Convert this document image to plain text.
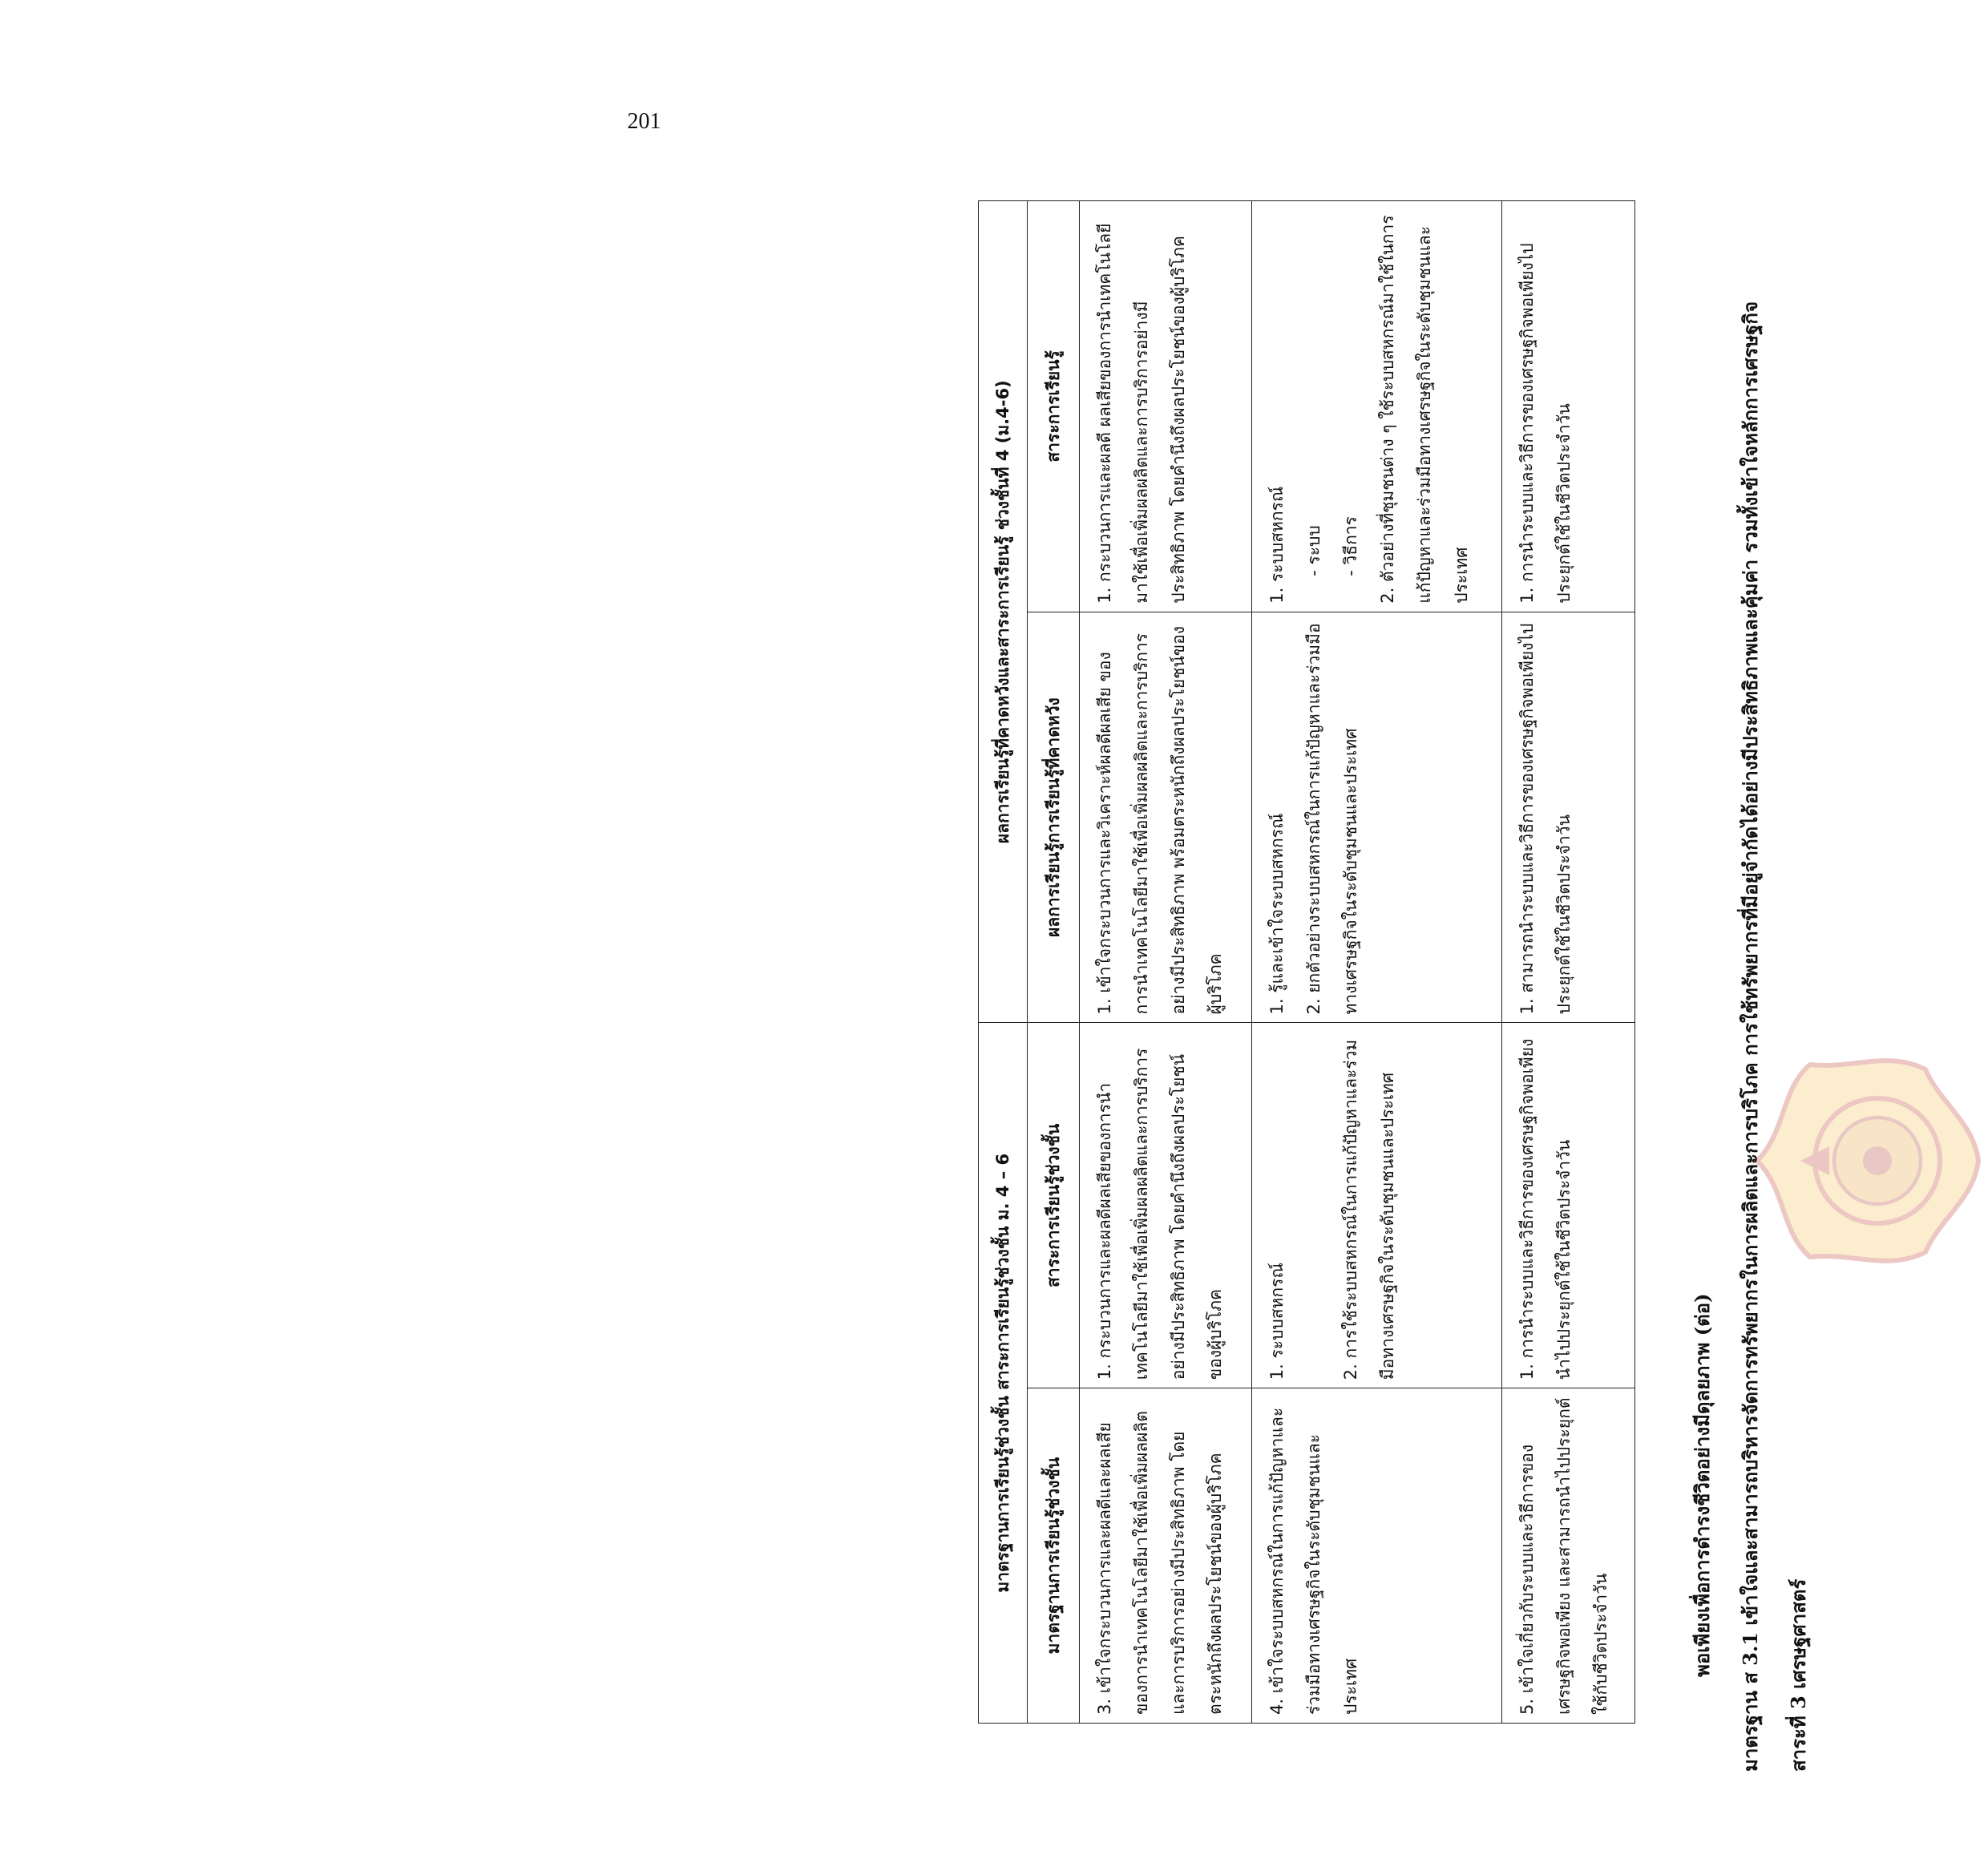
201
สาระที่ 3 เศรษฐศาสตร์
มาตรฐาน ส 3.1 เข้าใจและสามารถบริหารจัดการทรัพยากรในการผลิตและการบริโภค การใช้ทรัพยากรที่มีอยู่จำกัดได้อย่างมีประสิทธิภาพและคุ้มค่า รวมทั้งเข้าใจหลักการเศรษฐกิจ
พอเพียงเพื่อการดำรงชีวิตอย่างมีดุลยภาพ (ต่อ)
มาตรฐานการเรียนรู้ช่วงชั้น สาระการเรียนรู้ช่วงชั้น ม. 4 – 6		ผลการเรียนรู้ที่คาดหวังและสาระการเรียนรู้ ช่วงชั้นที่ 4 (ม.4-6)	
มาตรฐานการเรียนรู้ช่วงชั้น	สาระการเรียนรู้ช่วงชั้น	ผลการเรียนรู้การเรียนรู้ที่คาดหวัง	สาระการเรียนรู้
3. เข้าใจกระบวนการและผลดีและผลเสียของการนำเทคโนโลยีมาใช้เพื่อเพิ่มผลผลิตและการบริการอย่างมีประสิทธิภาพ โดยตระหนักถึงผลประโยชน์ของผู้บริโภค	1. กระบวนการและผลดีผลเสียของการนำเทคโนโลยีมาใช้เพื่อเพิ่มผลผลิตและการบริการอย่างมีประสิทธิภาพ โดยคำนึงถึงผลประโยชน์ของผู้บริโภค	1. เข้าใจกระบวนการและวิเคราะห์ผลดีผลเสีย ของการนำเทคโนโลยีมาใช้เพื่อเพิ่มผลผลิตและการบริการอย่างมีประสิทธิภาพ พร้อมตระหนักถึงผลประโยชน์ของผู้บริโภค	1. กระบวนการและผลดี ผลเสียของการนำเทคโนโลยีมาใช้เพื่อเพิ่มผลผลิตและการบริการอย่างมีประสิทธิภาพ โดยคำนึงถึงผลประโยชน์ของผู้บริโภค
4. เข้าใจระบบสหกรณ์ในการแก้ปัญหาและร่วมมือทางเศรษฐกิจในระดับชุมชนและประเทศ	1. ระบบสหกรณ์ 2. การใช้ระบบสหกรณ์ในการแก้ปัญหาและร่วมมือทางเศรษฐกิจในระดับชุมชนและประเทศ	1. รู้และเข้าใจระบบสหกรณ์ 2. ยกตัวอย่างระบบสหกรณ์ในการแก้ปัญหาและร่วมมือทางเศรษฐกิจในระดับชุมชนและประเทศ	1. ระบบสหกรณ์ - ระบบ - วิธีการ 2. ตัวอย่างที่ชุมชนต่าง ๆ ใช้ระบบสหกรณ์มาใช้ในการแก้ปัญหาและร่วมมือทางเศรษฐกิจในระดับชุมชนและประเทศ
5. เข้าใจเกี่ยวกับระบบและวิธีการของเศรษฐกิจพอเพียง และสามารถนำไปประยุกต์ใช้กับชีวิตประจำวัน	1. การนำระบบและวิธีการของเศรษฐกิจพอเพียงนำไปประยุกต์ใช้ในชีวิตประจำวัน	1. สามารถนำระบบและวิธีการของเศรษฐกิจพอเพียงไปประยุกต์ใช้ในชีวิตประจำวัน	1. การนำระบบและวิธีการของเศรษฐกิจพอเพียงไปประยุกต์ใช้ในชีวิตประจำวัน
